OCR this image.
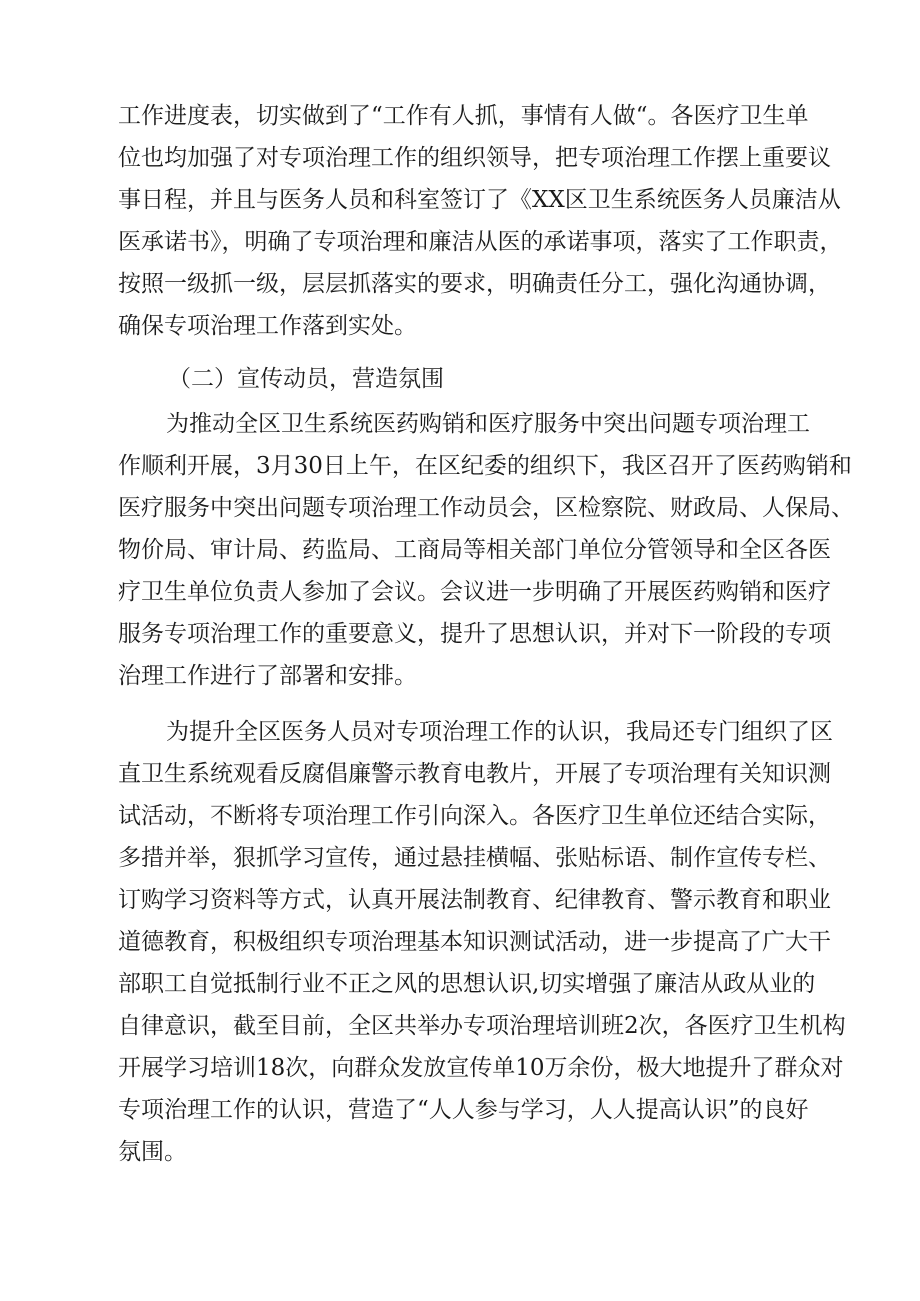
工作进度表，切实做到了“工作有人抓，事情有人做“。各医疗卫生单
位也均加强了对专项治理工作的组织领导，把专项治理工作摆上重要议
事日程，并且与医务人员和科室签订了《XX区卫生系统医务人员廉洁从
医承诺书》，明确了专项治理和廉洁从医的承诺事项，落实了工作职责，
按照一级抓一级，层层抓落实的要求，明确责任分工，强化沟通协调，
确保专项治理工作落到实处。
（二）宣传动员，营造氛围
为推动全区卫生系统医药购销和医疗服务中突出问题专项治理工
作顺利开展，3月30日上午，在区纪委的组织下，我区召开了医药购销和
医疗服务中突出问题专项治理工作动员会，区检察院、财政局、人保局、
物价局、审计局、药监局、工商局等相关部门单位分管领导和全区各医
疗卫生单位负责人参加了会议。会议进一步明确了开展医药购销和医疗
服务专项治理工作的重要意义，提升了思想认识，并对下一阶段的专项
治理工作进行了部署和安排。
为提升全区医务人员对专项治理工作的认识，我局还专门组织了区
直卫生系统观看反腐倡廉警示教育电教片，开展了专项治理有关知识测
试活动，不断将专项治理工作引向深入。各医疗卫生单位还结合实际，
多措并举，狠抓学习宣传，通过悬挂横幅、张贴标语、制作宣传专栏、
订购学习资料等方式，认真开展法制教育、纪律教育、警示教育和职业
道德教育，积极组织专项治理基本知识测试活动，进一步提高了广大干
部职工自觉抵制行业不正之风的思想认识,切实增强了廉洁从政从业的
自律意识，截至目前，全区共举办专项治理培训班2次，各医疗卫生机构
开展学习培训18次，向群众发放宣传单10万余份，极大地提升了群众对
专项治理工作的认识，营造了“人人参与学习，人人提高认识”的良好
氛围。
